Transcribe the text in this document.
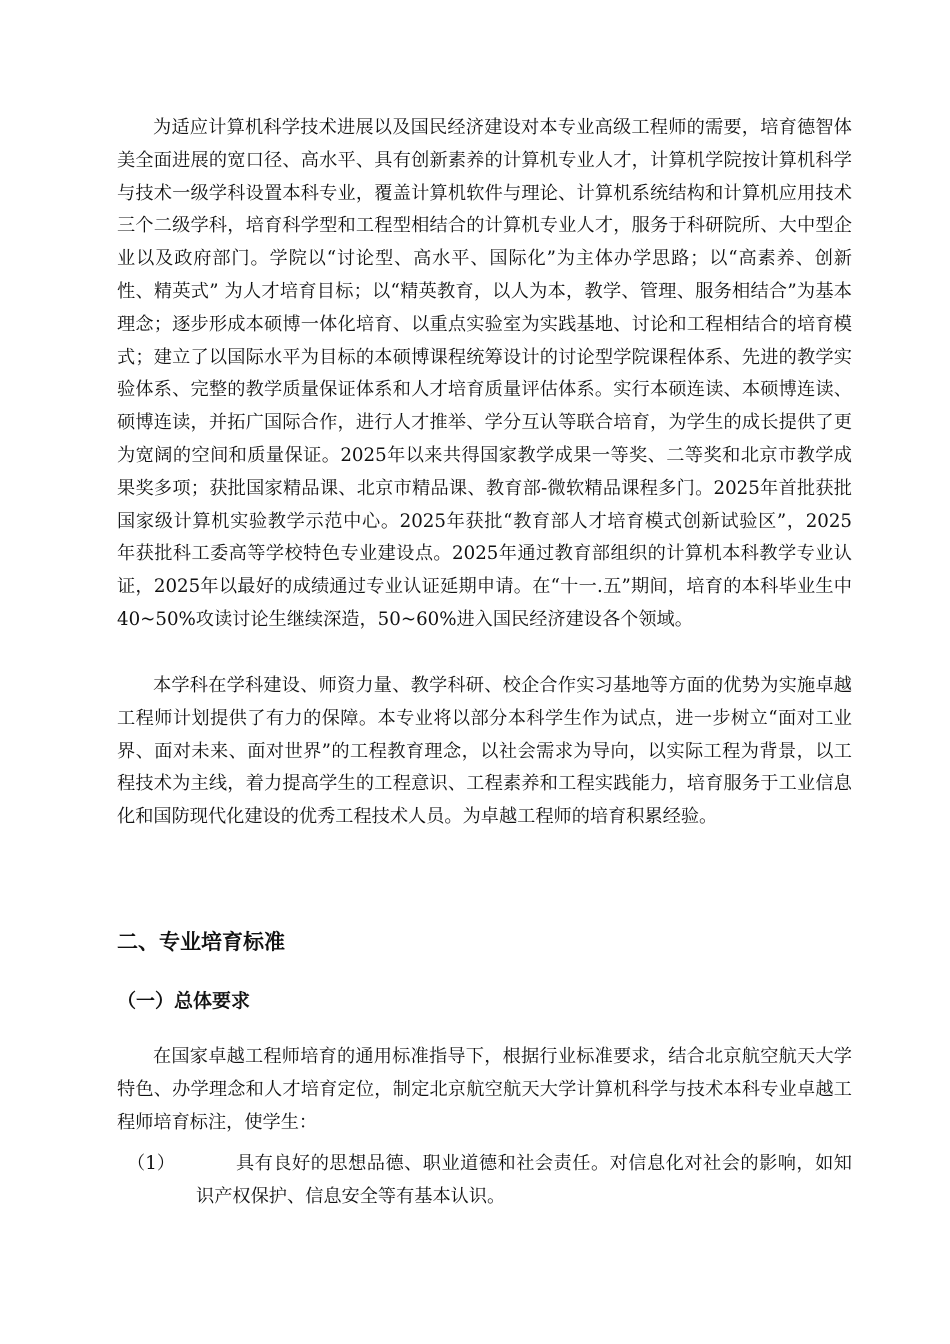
为适应计算机科学技术进展以及国民经济建设对本专业高级工程师的需要，培育德智体美全面进展的宽口径、高水平、具有创新素养的计算机专业人才，计算机学院按计算机科学与技术一级学科设置本科专业，覆盖计算机软件与理论、计算机系统结构和计算机应用技术三个二级学科，培育科学型和工程型相结合的计算机专业人才，服务于科研院所、大中型企业以及政府部门。学院以“讨论型、高水平、国际化”为主体办学思路；以“高素养、创新性、精英式” 为人才培育目标；以“精英教育，以人为本，教学、管理、服务相结合”为基本理念；逐步形成本硕博一体化培育、以重点实验室为实践基地、讨论和工程相结合的培育模式；建立了以国际水平为目标的本硕博课程统筹设计的讨论型学院课程体系、先进的教学实验体系、完整的教学质量保证体系和人才培育质量评估体系。实行本硕连读、本硕博连读、硕博连读，并拓广国际合作，进行人才推举、学分互认等联合培育，为学生的成长提供了更为宽阔的空间和质量保证。2025年以来共得国家教学成果一等奖、二等奖和北京市教学成果奖多项；获批国家精品课、北京市精品课、教育部-微软精品课程多门。2025年首批获批国家级计算机实验教学示范中心。2025年获批“教育部人才培育模式创新试验区”，2025 年获批科工委高等学校特色专业建设点。2025年通过教育部组织的计算机本科教学专业认证，2025年以最好的成绩通过专业认证延期申请。在“十一.五”期间，培育的本科毕业生中40~50%攻读讨论生继续深造，50~60%进入国民经济建设各个领域。

本学科在学科建设、师资力量、教学科研、校企合作实习基地等方面的优势为实施卓越工程师计划提供了有力的保障。本专业将以部分本科学生作为试点，进一步树立“面对工业界、面对未来、面对世界”的工程教育理念，以社会需求为导向，以实际工程为背景，以工程技术为主线，着力提高学生的工程意识、工程素养和工程实践能力，培育服务于工业信息化和国防现代化建设的优秀工程技术人员。为卓越工程师的培育积累经验。

二、专业培育标准
（一）总体要求

在国家卓越工程师培育的通用标准指导下，根据行业标准要求，结合北京航空航天大学特色、办学理念和人才培育定位，制定北京航空航天大学计算机科学与技术本科专业卓越工程师培育标注，使学生：

（1）	具有良好的思想品德、职业道德和社会责任。对信息化对社会的影响，如知识产权保护、信息安全等有基本认识。
